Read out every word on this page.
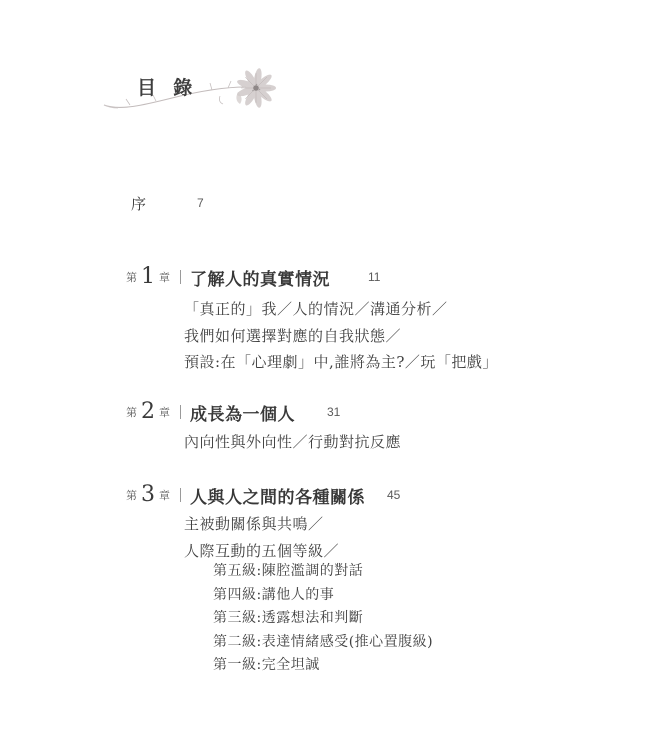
目 錄
序	7
第 1 章 了解人的真實情況	11
「真正的」我／人的情況／溝通分析／
我們如何選擇對應的自我狀態／
預設:在「心理劇」中,誰將為主?／玩「把戲」
第 2 章 成長為一個人	31
內向性與外向性／行動對抗反應
第 3 章 人與人之間的各種關係 45
主被動關係與共鳴／
人際互動的五個等級／
第五級:陳腔濫調的對話
第四級:講他人的事
第三級:透露想法和判斷
第二級:表達情緒感受(推心置腹級)
第一級:完全坦誠
